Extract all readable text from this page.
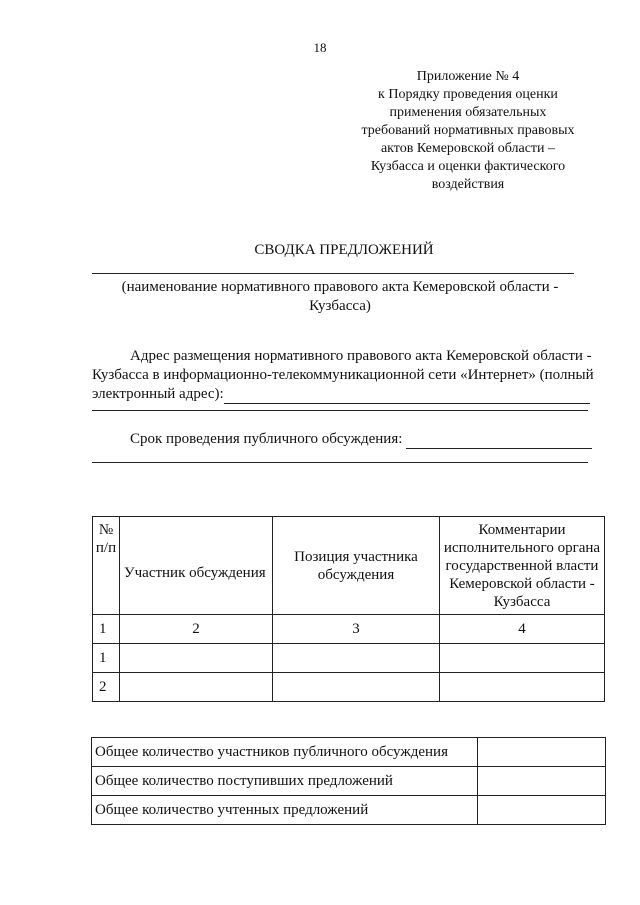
18
Приложение № 4
к Порядку проведения оценки
применения обязательных
требований нормативных правовых
актов Кемеровской области –
Кузбасса и оценки фактического
воздействия
СВОДКА ПРЕДЛОЖЕНИЙ
(наименование нормативного правового акта Кемеровской области -
Кузбасса)
Адрес размещения нормативного правового акта Кемеровской области -
Кузбасса в информационно-телекоммуникационной сети «Интернет» (полный
электронный адрес):
Срок проведения публичного обсуждения:
№ п/п	Участник обсуждения	Позиция участника обсуждения	Комментарии исполнительного органа государственной власти Кемеровской области - Кузбасса
1	2	3	4
1			
2			
Общее количество участников публичного обсуждения	
Общее количество поступивших предложений	
Общее количество учтенных предложений	
